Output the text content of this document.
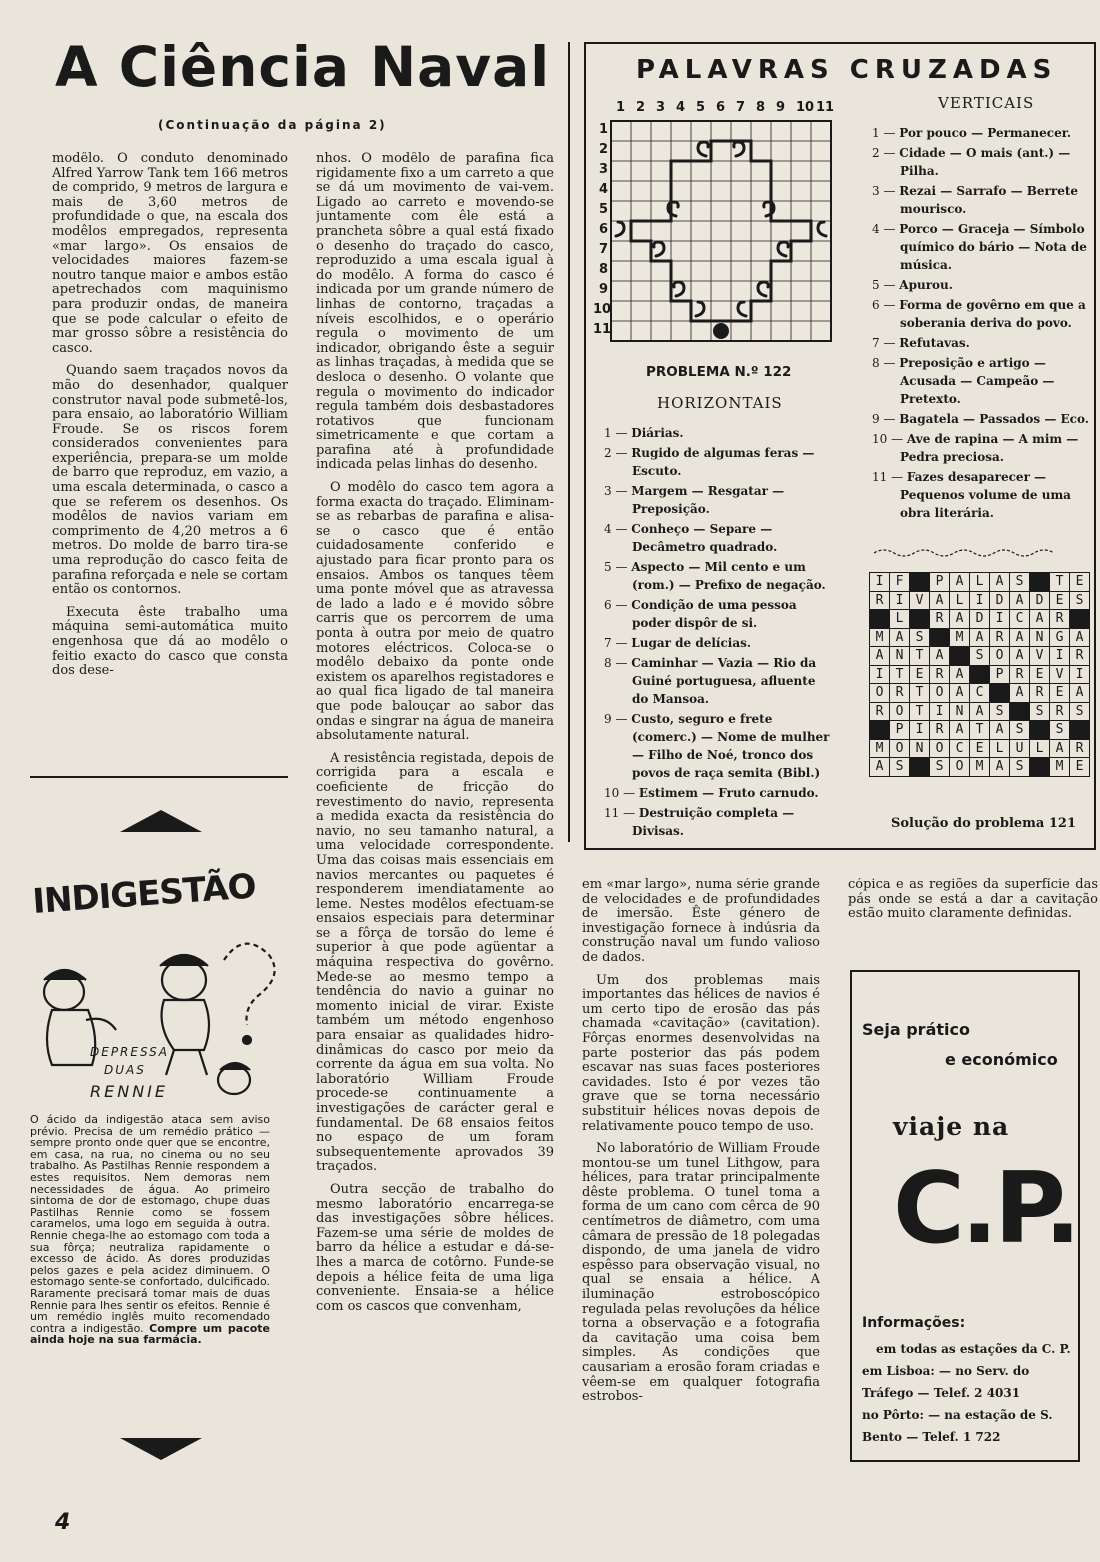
A Ciência Naval
(Continuação da página 2)

modêlo. O conduto denominado Alfred Yarrow Tank tem 166 metros de comprido, 9 metros de largura e mais de 3,60 metros de profundidade o que, na escala dos modêlos empregados, representa «mar largo». Os ensaios de velocidades maiores fazem-se noutro tanque maior e ambos estão apetrechados com maquinismo para produzir ondas, de maneira que se pode calcular o efeito de mar grosso sôbre a resistência do casco.

Quando saem traçados novos da mão do desenhador, qualquer construtor naval pode submetê-los, para ensaio, ao laboratório William Froude. Se os riscos forem considerados convenientes para experiência, prepara-se um molde de barro que reproduz, em vazio, a uma escala determinada, o casco a que se referem os desenhos. Os modêlos de navios variam em comprimento de 4,20 metros a 6 metros. Do molde de barro tira-se uma reprodução do casco feita de parafina reforçada e nele se cortam então os contornos.

Executa êste trabalho uma máquina semi-automática muito engenhosa que dá ao modêlo o feitio exacto do casco que consta dos dese-

nhos. O modêlo de parafina fica rigidamente fixo a um carreto a que se dá um movimento de vai-vem. Ligado ao carreto e movendo-se juntamente com êle está a prancheta sôbre a qual está fixado o desenho do traçado do casco, reproduzido a uma escala igual à do modêlo. A forma do casco é indicada por um grande número de linhas de contorno, traçadas a níveis escolhidos, e o operário regula o movimento de um indicador, obrigando êste a seguir as linhas traçadas, à medida que se desloca o desenho. O volante que regula o movimento do indicador regula também dois desbastadores rotativos que funcionam simetricamente e que cortam a parafina até à profundidade indicada pelas linhas do desenho.

O modêlo do casco tem agora a forma exacta do traçado. Eliminam-se as rebarbas de parafina e alisa-se o casco que é então cuidadosamente conferido e ajustado para ficar pronto para os ensaios. Ambos os tanques têem uma ponte móvel que as atravessa de lado a lado e é movido sôbre carris que os percorrem de uma ponta à outra por meio de quatro motores eléctricos. Coloca-se o modêlo debaixo da ponte onde existem os aparelhos registadores e ao qual fica ligado de tal maneira que pode balouçar ao sabor das ondas e singrar na água de maneira absolutamente natural.

A resistência registada, depois de corrigida para a escala e coeficiente de fricção do revestimento do navio, representa a medida exacta da resistência do navio, no seu tamanho natural, a uma velocidade correspondente. Uma das coisas mais essenciais em navios mercantes ou paquetes é responderem imendiatamente ao leme. Nestes modêlos efectuam-se ensaios especiais para determinar se a fôrça de torsão do leme é superior à que pode agüentar a máquina respectiva do govêrno. Mede-se ao mesmo tempo a tendência do navio a guinar no momento inicial de virar. Existe também um método engenhoso para ensaiar as qualidades hidro-dinâmicas do casco por meio da corrente da água em sua volta. No laboratório William Froude procede-se continuamente a investigações de carácter geral e fundamental. De 68 ensaios feitos no espaço de um foram subsequentemente aprovados 39 traçados.

Outra secção de trabalho do mesmo laboratório encarrega-se das investigações sôbre hélices. Fazem-se uma série de moldes de barro da hélice a estudar e dá-se-lhes a marca de cotôrno. Funde-se depois a hélice feita de uma liga conveniente. Ensaia-se a hélice com os cascos que convenham,

em «mar largo», numa série grande de velocidades e de profundidades de imersão. Êste género de investigação fornece à indúsria da construção naval um fundo valioso de dados.

Um dos problemas mais importantes das hélices de navios é um certo tipo de erosão das pás chamada «cavitação» (cavitation). Fôrças enormes desenvolvidas na parte posterior das pás podem escavar nas suas faces posteriores cavidades. Isto é por vezes tão grave que se torna necessário substituir hélices novas depois de relativamente pouco tempo de uso.

No laboratório de William Froude montou-se um tunel Lithgow, para hélices, para tratar principalmente dêste problema. O tunel toma a forma de um cano com cêrca de 90 centímetros de diâmetro, com uma câmara de pressão de 18 polegadas dispondo, de uma janela de vidro espêsso para observação visual, no qual se ensaia a hélice. A iluminação estroboscópico regulada pelas revoluções da hélice torna a observação e a fotografia da cavitação uma coisa bem simples. As condições que causariam a erosão foram criadas e vêem-se em qualquer fotografia estrobos-

cópica e as regiões da superfície das pás onde se está a dar a cavitação estão muito claramente definidas.

PALAVRAS CRUZADAS
1 2 3 4 5 6 7 8 9 10 11
1
2
3
4
5
6
7
8
9
10
11
PROBLEMA N.º 122
HORIZONTAIS
VERTICAIS
1 — Diárias.
2 — Rugido de algumas feras — Escuto.
3 — Margem — Resgatar — Preposição.
4 — Conheço — Separe — Decâmetro quadrado.
5 — Aspecto — Mil cento e um (rom.) — Prefixo de negação.
6 — Condição de uma pessoa poder dispôr de si.
7 — Lugar de delícias.
8 — Caminhar — Vazia — Rio da Guiné portuguesa, afluente do Mansoa.
9 — Custo, seguro e frete (comerc.) — Nome de mulher — Filho de Noé, tronco dos povos de raça semita (Bibl.)
10 — Estimem — Fruto carnudo.
11 — Destruição completa — Divisas.
1 — Por pouco — Permanecer.
2 — Cidade — O mais (ant.) — Pilha.
3 — Rezai — Sarrafo — Berrete mourisco.
4 — Porco — Graceja — Símbolo químico do bário — Nota de música.
5 — Apurou.
6 — Forma de govêrno em que a soberania deriva do povo.
7 — Refutavas.
8 — Preposição e artigo — Acusada — Campeão — Pretexto.
9 — Bagatela — Passados — Eco.
10 — Ave de rapina — A mim — Pedra preciosa.
11 — Fazes desaparecer — Pequenos volume de uma obra literária.
I	F		P	A	L	A	S		T	E
R	I	V	A	L	I	D	A	D	E	S
	L		R	A	D	I	C	A	R	
M	A	S		M	A	R	A	N	G	A
A	N	T	A		S	O	A	V	I	R
I	T	E	R	A		P	R	E	V	I
O	R	T	O	A	C		A	R	E	A
R	O	T	I	N	A	S		S	R	S
	P	I	R	A	T	A	S		S	
M	O	N	O	C	E	L	U	L	A	R
A	S		S	O	M	A	S		M	E
Solução do problema 121
INDIGESTÃO
DEPRESSA
DUAS
RENNIE
O ácido da indigestão ataca sem aviso prévio. Precisa de um remédio prático — sempre pronto onde quer que se encontre, em casa, na rua, no cinema ou no seu trabalho. As Pastilhas Rennie respondem a estes requisitos. Nem demoras nem necessidades de água. Ao primeiro sintoma de dor de estomago, chupe duas Pastilhas Rennie como se fossem caramelos, uma logo em seguida à outra. Rennie chega-lhe ao estomago com toda a sua fôrça; neutraliza rapidamente o excesso de ácido. As dores produzidas pelos gazes e pela acidez diminuem. O estomago sente-se confortado, dulcificado. Raramente precisará tomar mais de duas Rennie para lhes sentir os efeitos. Rennie é um remédio inglês muito recomendado contra a indigestão. Compre um pacote ainda hoje na sua farmácia.
Seja prático
e económico
viaje na
C.P.
Informações:
em todas as estações da C. P.
em Lisboa: — no Serv. do Tráfego — Telef. 2 4031
no Pôrto: — na estação de S. Bento — Telef. 1 722
4
